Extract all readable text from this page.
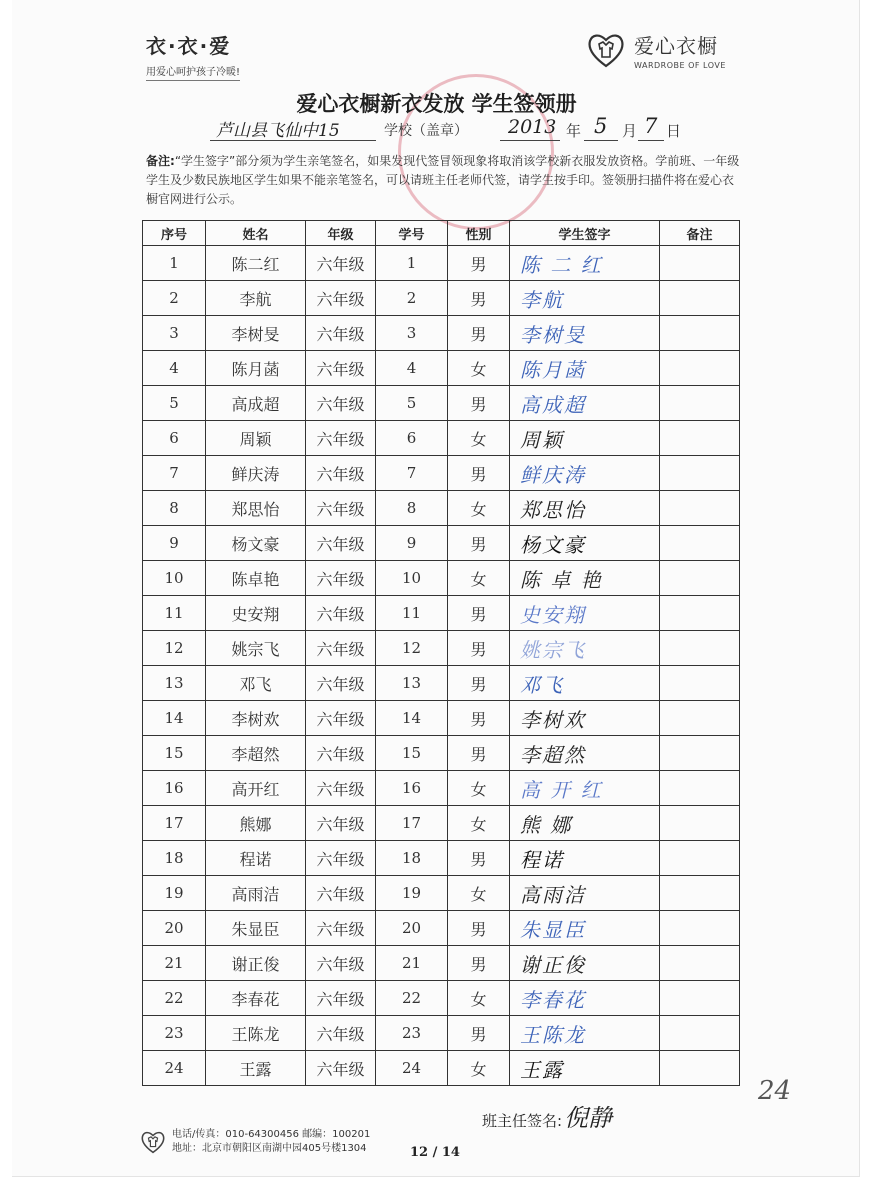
衣·衣·爱
用爱心呵护孩子冷暖!
爱心衣橱
WARDROBE OF LOVE
爱心衣橱新衣发放 学生签领册
芦山县飞仙中15	学校（盖章） 2013 年 5 月 7 日
备注:“学生签字”部分须为学生亲笔签名，如果发现代签冒领现象将取消该学校新衣服发放资格。学前班、一年级学生及少数民族地区学生如果不能亲笔签名，可以请班主任老师代签，请学生按手印。签领册扫描件将在爱心衣橱官网进行公示。
序号	姓名	年级	学号	性别	学生签字	备注
1	陈二红	六年级	1	男	陈 二 红	
2	李航	六年级	2	男	李航	
3	李树旻	六年级	3	男	李树旻	
4	陈月菡	六年级	4	女	陈月菡	
5	高成超	六年级	5	男	高成超	
6	周颖	六年级	6	女	周颖	
7	鲜庆涛	六年级	7	男	鲜庆涛	
8	郑思怡	六年级	8	女	郑思怡	
9	杨文豪	六年级	9	男	杨文豪	
10	陈卓艳	六年级	10	女	陈 卓 艳	
11	史安翔	六年级	11	男	史安翔	
12	姚宗飞	六年级	12	男	姚宗飞	
13	邓飞	六年级	13	男	邓飞	
14	李树欢	六年级	14	男	李树欢	
15	李超然	六年级	15	男	李超然	
16	高开红	六年级	16	女	高 开 红	
17	熊娜	六年级	17	女	熊 娜	
18	程诺	六年级	18	男	程诺	
19	高雨洁	六年级	19	女	高雨洁	
20	朱显臣	六年级	20	男	朱显臣	
21	谢正俊	六年级	21	男	谢正俊	
22	李春花	六年级	22	女	李春花	
23	王陈龙	六年级	23	男	王陈龙	
24	王露	六年级	24	女	王露	
班主任签名:倪静
24
电话/传真：010-64300456 邮编：100201
地址：北京市朝阳区南湖中园405号楼1304	12 / 14
